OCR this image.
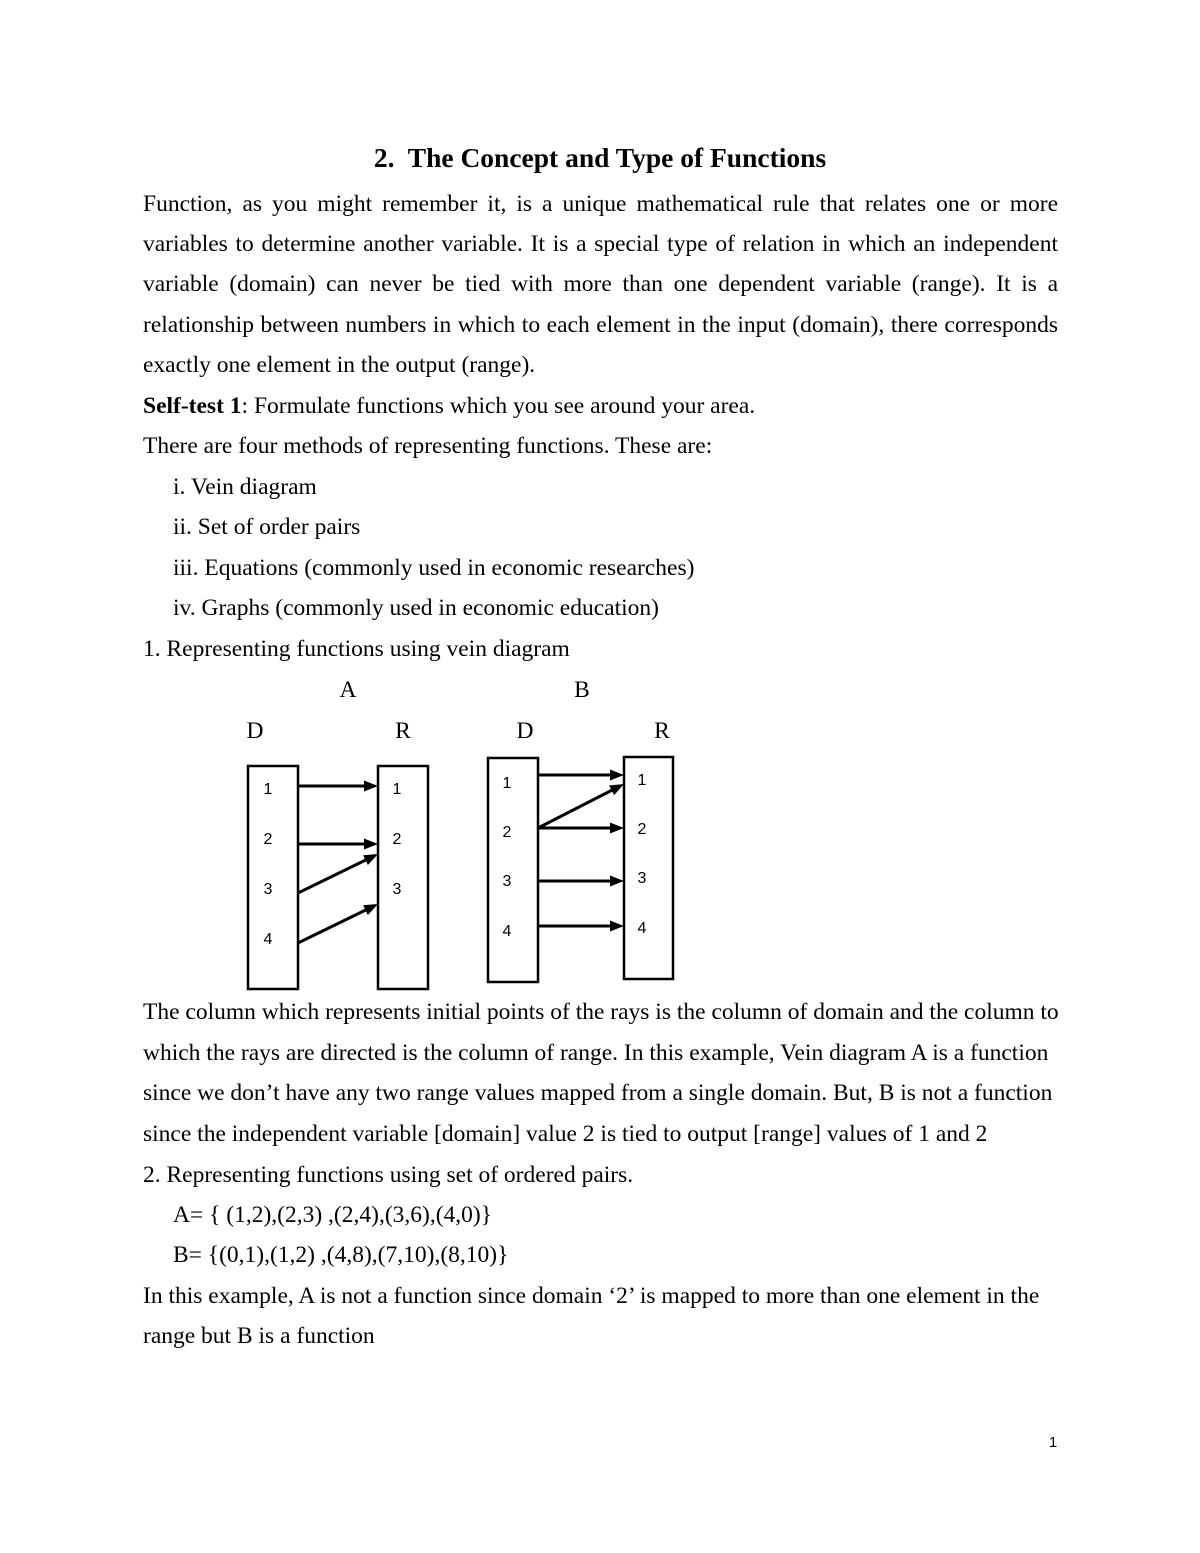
2.  The Concept and Type of Functions
Function, as you might remember it, is a unique mathematical rule that relates one or more
variables to determine another variable. It is a special type of relation in which an independent
variable (domain) can never be tied with more than one dependent variable (range). It is a
relationship between numbers in which to each element in the input (domain), there corresponds
exactly one element in the output (range).
Self-test 1: Formulate functions which you see around your area.
There are four methods of representing functions. These are:
i. Vein diagram
ii. Set of order pairs
iii. Equations (commonly used in economic researches)
iv. Graphs (commonly used in economic education)
1. Representing functions using vein diagram
A	B
D	R	D	R
1
2
3
4
1
2
3
1
2
3
4
1
2
3
4
The column which represents initial points of the rays is the column of domain and the column to
which the rays are directed is the column of range. In this example, Vein diagram A is a function
since we don’t have any two range values mapped from a single domain. But, B is not a function
since the independent variable [domain] value 2 is tied to output [range] values of 1 and 2
2. Representing functions using set of ordered pairs.
A= { (1,2),(2,3) ,(2,4),(3,6),(4,0)}
B= {(0,1),(1,2) ,(4,8),(7,10),(8,10)}
In this example, A is not a function since domain ‘2’ is mapped to more than one element in the
range but B is a function
1
